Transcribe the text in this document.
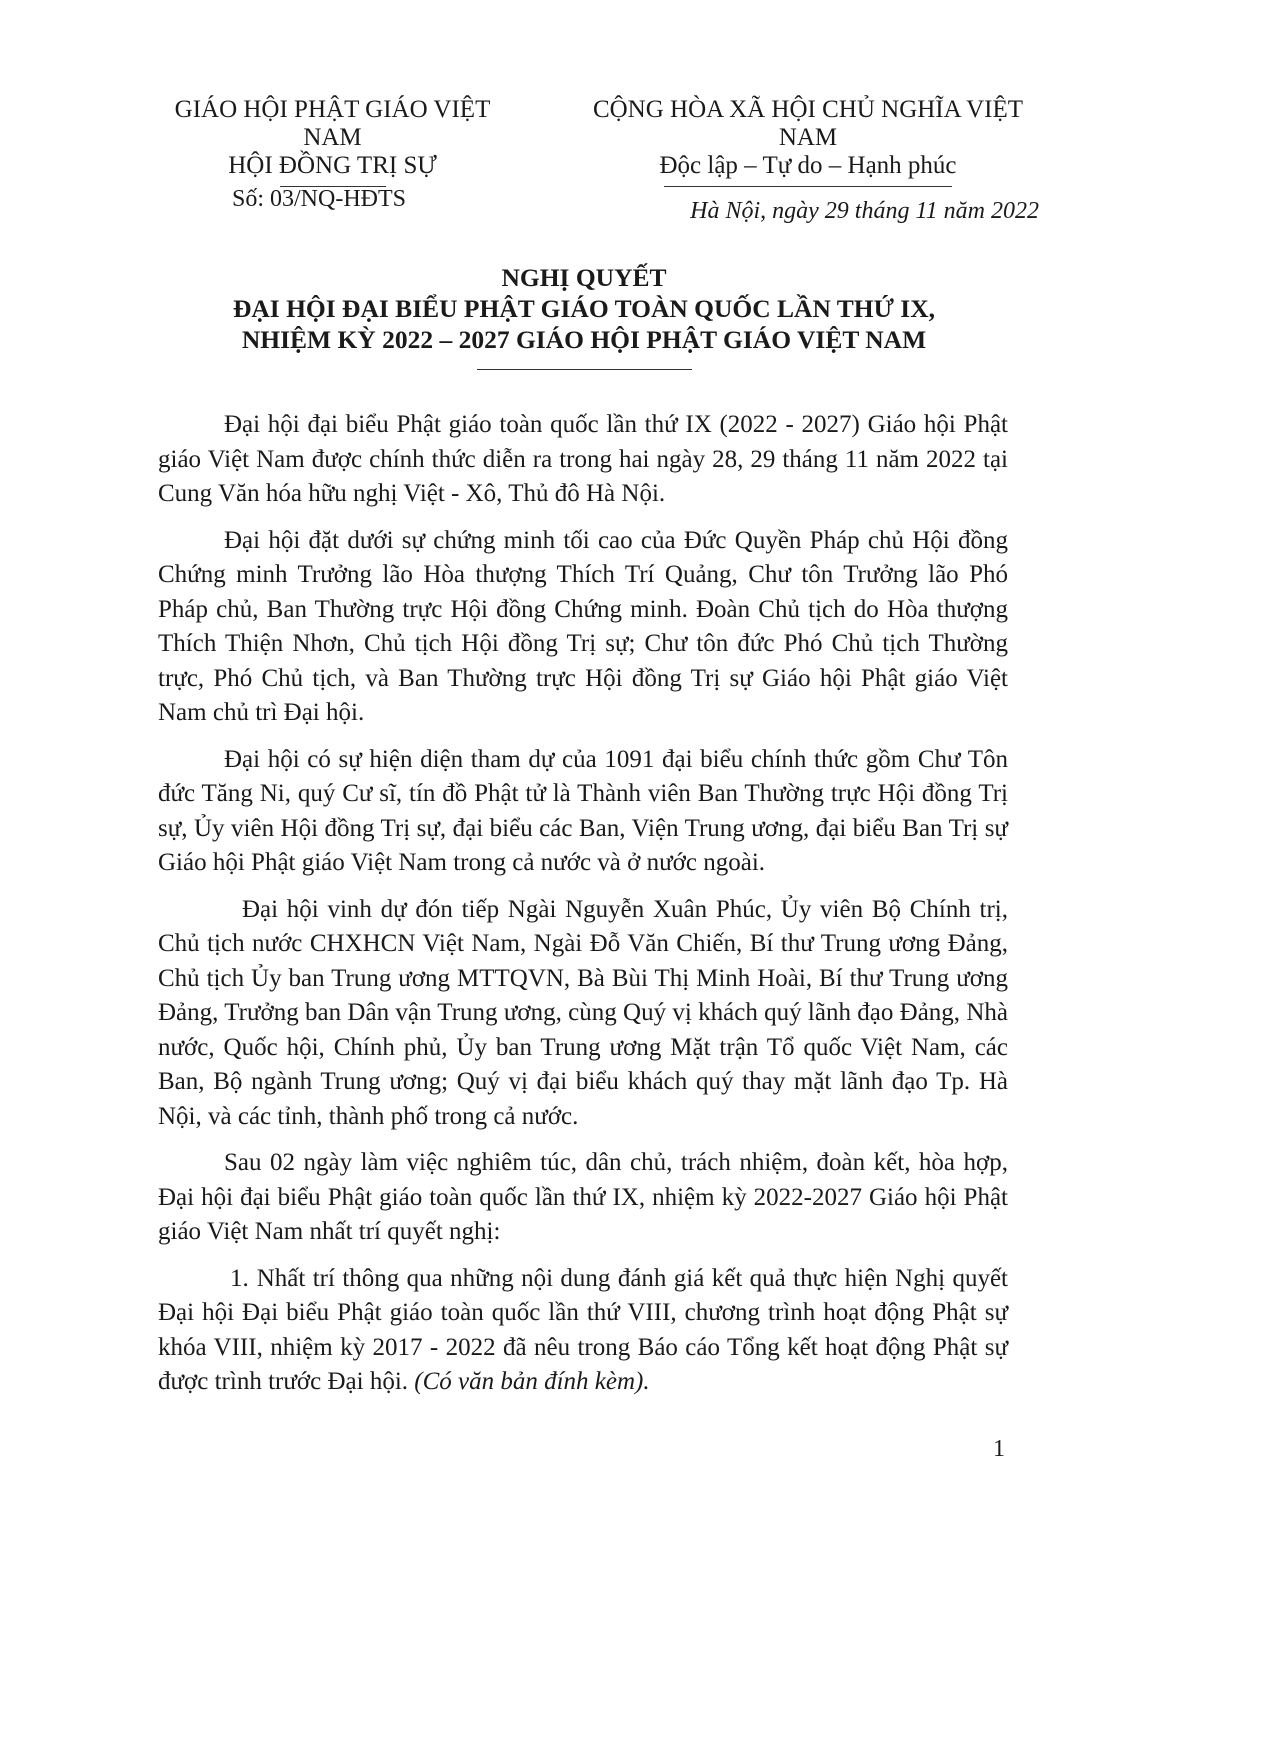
GIÁO HỘI PHẬT GIÁO VIỆT NAM
HỘI ĐỒNG TRỊ SỰ
CỘNG HÒA XÃ HỘI CHỦ NGHĨA VIỆT NAM
Độc lập – Tự do – Hạnh phúc
Số: 03/NQ-HĐTS	Hà Nội, ngày 29 tháng 11 năm 2022
NGHỊ QUYẾT
ĐẠI HỘI ĐẠI BIỂU PHẬT GIÁO TOÀN QUỐC LẦN THỨ IX,
NHIỆM KỲ 2022 – 2027 GIÁO HỘI PHẬT GIÁO VIỆT NAM

Đại hội đại biểu Phật giáo toàn quốc lần thứ IX (2022 - 2027) Giáo hội Phật giáo Việt Nam được chính thức diễn ra trong hai ngày 28, 29 tháng 11 năm 2022 tại Cung Văn hóa hữu nghị Việt - Xô, Thủ đô Hà Nội.

Đại hội đặt dưới sự chứng minh tối cao của Đức Quyền Pháp chủ Hội đồng Chứng minh Trưởng lão Hòa thượng Thích Trí Quảng, Chư tôn Trưởng lão Phó Pháp chủ, Ban Thường trực Hội đồng Chứng minh. Đoàn Chủ tịch do Hòa thượng Thích Thiện Nhơn, Chủ tịch Hội đồng Trị sự; Chư tôn đức Phó Chủ tịch Thường trực, Phó Chủ tịch, và Ban Thường trực Hội đồng Trị sự Giáo hội Phật giáo Việt Nam chủ trì Đại hội.

Đại hội có sự hiện diện tham dự của 1091 đại biểu chính thức gồm Chư Tôn đức Tăng Ni, quý Cư sĩ, tín đồ Phật tử là Thành viên Ban Thường trực Hội đồng Trị sự, Ủy viên Hội đồng Trị sự, đại biểu các Ban, Viện Trung ương, đại biểu Ban Trị sự Giáo hội Phật giáo Việt Nam trong cả nước và ở nước ngoài.

Đại hội vinh dự đón tiếp Ngài Nguyễn Xuân Phúc, Ủy viên Bộ Chính trị, Chủ tịch nước CHXHCN Việt Nam, Ngài Đỗ Văn Chiến, Bí thư Trung ương Đảng, Chủ tịch Ủy ban Trung ương MTTQVN, Bà Bùi Thị Minh Hoài, Bí thư Trung ương Đảng, Trưởng ban Dân vận Trung ương, cùng Quý vị khách quý lãnh đạo Đảng, Nhà nước, Quốc hội, Chính phủ, Ủy ban Trung ương Mặt trận Tổ quốc Việt Nam, các Ban, Bộ ngành Trung ương; Quý vị đại biểu khách quý thay mặt lãnh đạo Tp. Hà Nội, và các tỉnh, thành phố trong cả nước.

Sau 02 ngày làm việc nghiêm túc, dân chủ, trách nhiệm, đoàn kết, hòa hợp, Đại hội đại biểu Phật giáo toàn quốc lần thứ IX, nhiệm kỳ 2022-2027 Giáo hội Phật giáo Việt Nam nhất trí quyết nghị:

1. Nhất trí thông qua những nội dung đánh giá kết quả thực hiện Nghị quyết Đại hội Đại biểu Phật giáo toàn quốc lần thứ VIII, chương trình hoạt động Phật sự khóa VIII, nhiệm kỳ 2017 - 2022 đã nêu trong Báo cáo Tổng kết hoạt động Phật sự được trình trước Đại hội. (Có văn bản đính kèm).

1
